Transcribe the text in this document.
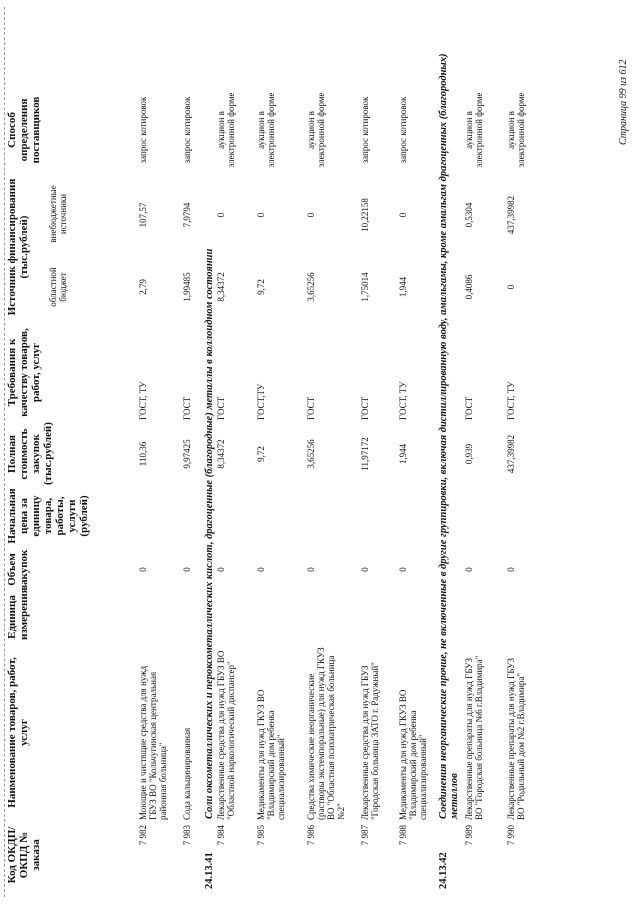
Код ОКДП/ ОКПД № заказа
Наименование товаров, работ, услуг
Единица измерения
Объем закупок
Начальная цена за единицу товара, работы, услуги (рублей)
Полная стоимость закупок (тыс.рублей)
Требования к качеству товаров, работ, услуг
Источник финансирования (тыс.рублей)
областной бюджет
внебюджетные источники
Способ определения поставщиков
7 982
Моющие и чистящие средства для нужд ГБУЗ ВО "Кольчугинская центральная районная больница"
0
110,36
ГОСТ, ТУ
2,79
107,57
запрос котировок
7 983
Сода кальцинированная
0
9,97425
ГОСТ
1,99485
7,9794
запрос котировок
24.13.41
Соли оксометаллических и пероксометаллических кислот, драгоценные (благородные) металлы в коллоидном состоянии
7 984
Лекарственные средства для нужд ГБУЗ ВО "Областной наркологический диспансер"
0
8,34372
ГОСТ
8,34372
0
аукцион в электронной форме
7 985
Медикаменты для нужд ГКУЗ ВО "Владимирский дом ребенка специализированный"
0
9,72
ГОСТ,ТУ
9,72
0
аукцион в электронной форме
7 986
Средства химические неорганические (растворы экстемпоральные) для нужд ГКУЗ ВО "Областная психиатрическая больница №2"
0
3,65256
ГОСТ
3,65256
0
аукцион в электронной форме
7 987
Лекарственные средства для нужд ГБУЗ "Городская больница ЗАТО г. Радужный"
0
11,97172
ГОСТ
1,75014
10,22158
запрос котировок
7 988
Медикаменты для нужд ГКУЗ ВО "Владимирский дом ребенка специализированный"
0
1,944
ГОСТ, ТУ
1,944
0
запрос котировок
24.13.42
Соединения неорганические прочие, не включенные в другие группировки, включая дистиллированную воду, амальгамы, кроме амальгам драгоценных (благородных) металлов
7 989
Лекарственные препараты для нужд ГБУЗ ВО "Городская больница №6 г.Владимира"
0
0,939
ГОСТ
0,4086
0,5304
аукцион в электронной форме
7 990
Лекарственные препараты для нужд ГБУЗ ВО "Родильный дом №2 г.Владимира"
0
437,39982
ГОСТ, ТУ
0
437,39982
аукцион в электронной форме	Страница 99 из 612
